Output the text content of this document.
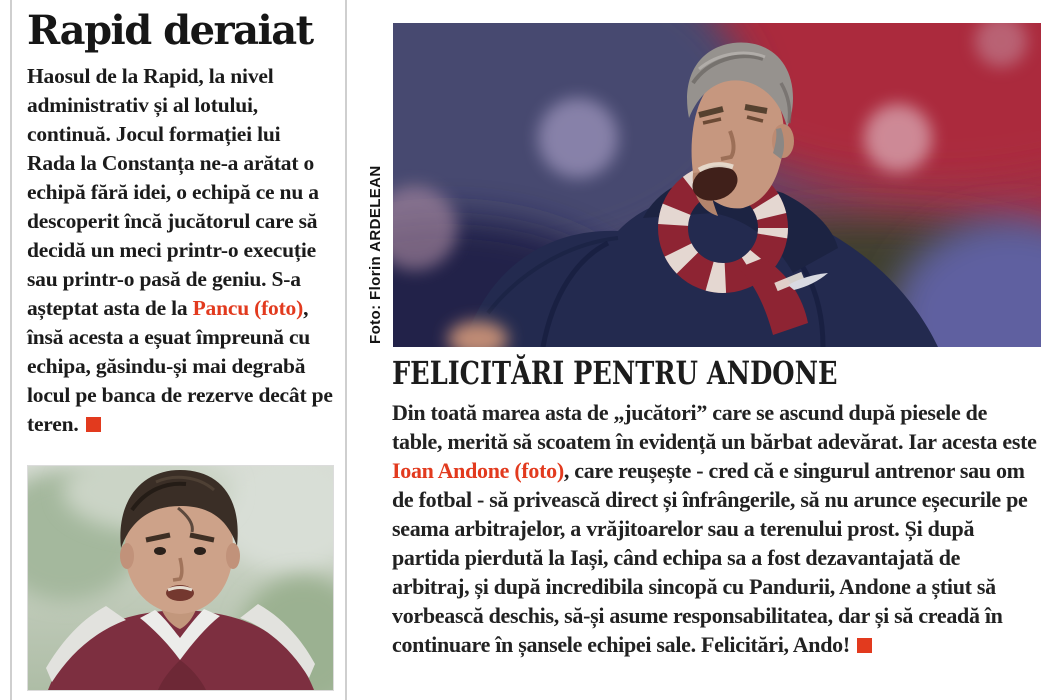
Rapid deraiat

Haosul de la Rapid, la nivel administrativ și al lotului, continuă. Jocul formației lui Rada la Constanța ne-a arătat o echipă fără idei, o echipă ce nu a descoperit încă jucătorul care să decidă un meci printr-o execuție sau printr-o pasă de geniu. S-a așteptat asta de la Pancu (foto), însă acesta a eșuat împreună cu echipa, găsindu-și mai degrabă locul pe banca de rezerve decât pe teren.

Foto: Florin ARDELEAN
FELICITĂRI PENTRU ANDONE

Din toată marea asta de „jucători” care se ascund după piesele de table, merită să scoatem în evidență un bărbat adevărat. Iar acesta este Ioan Andone (foto), care reușește - cred că e singurul antrenor sau om de fotbal - să privească direct și înfrângerile, să nu arunce eșecurile pe seama arbitrajelor, a vrăjitoarelor sau a terenului prost. Și după partida pierdută la Iași, când echipa sa a fost dezavantajată de arbitraj, și după incredibila sincopă cu Pandurii, Andone a știut să vorbească deschis, să-și asume responsabilitatea, dar și să creadă în continuare în șansele echipei sale. Felicitări, Ando!
